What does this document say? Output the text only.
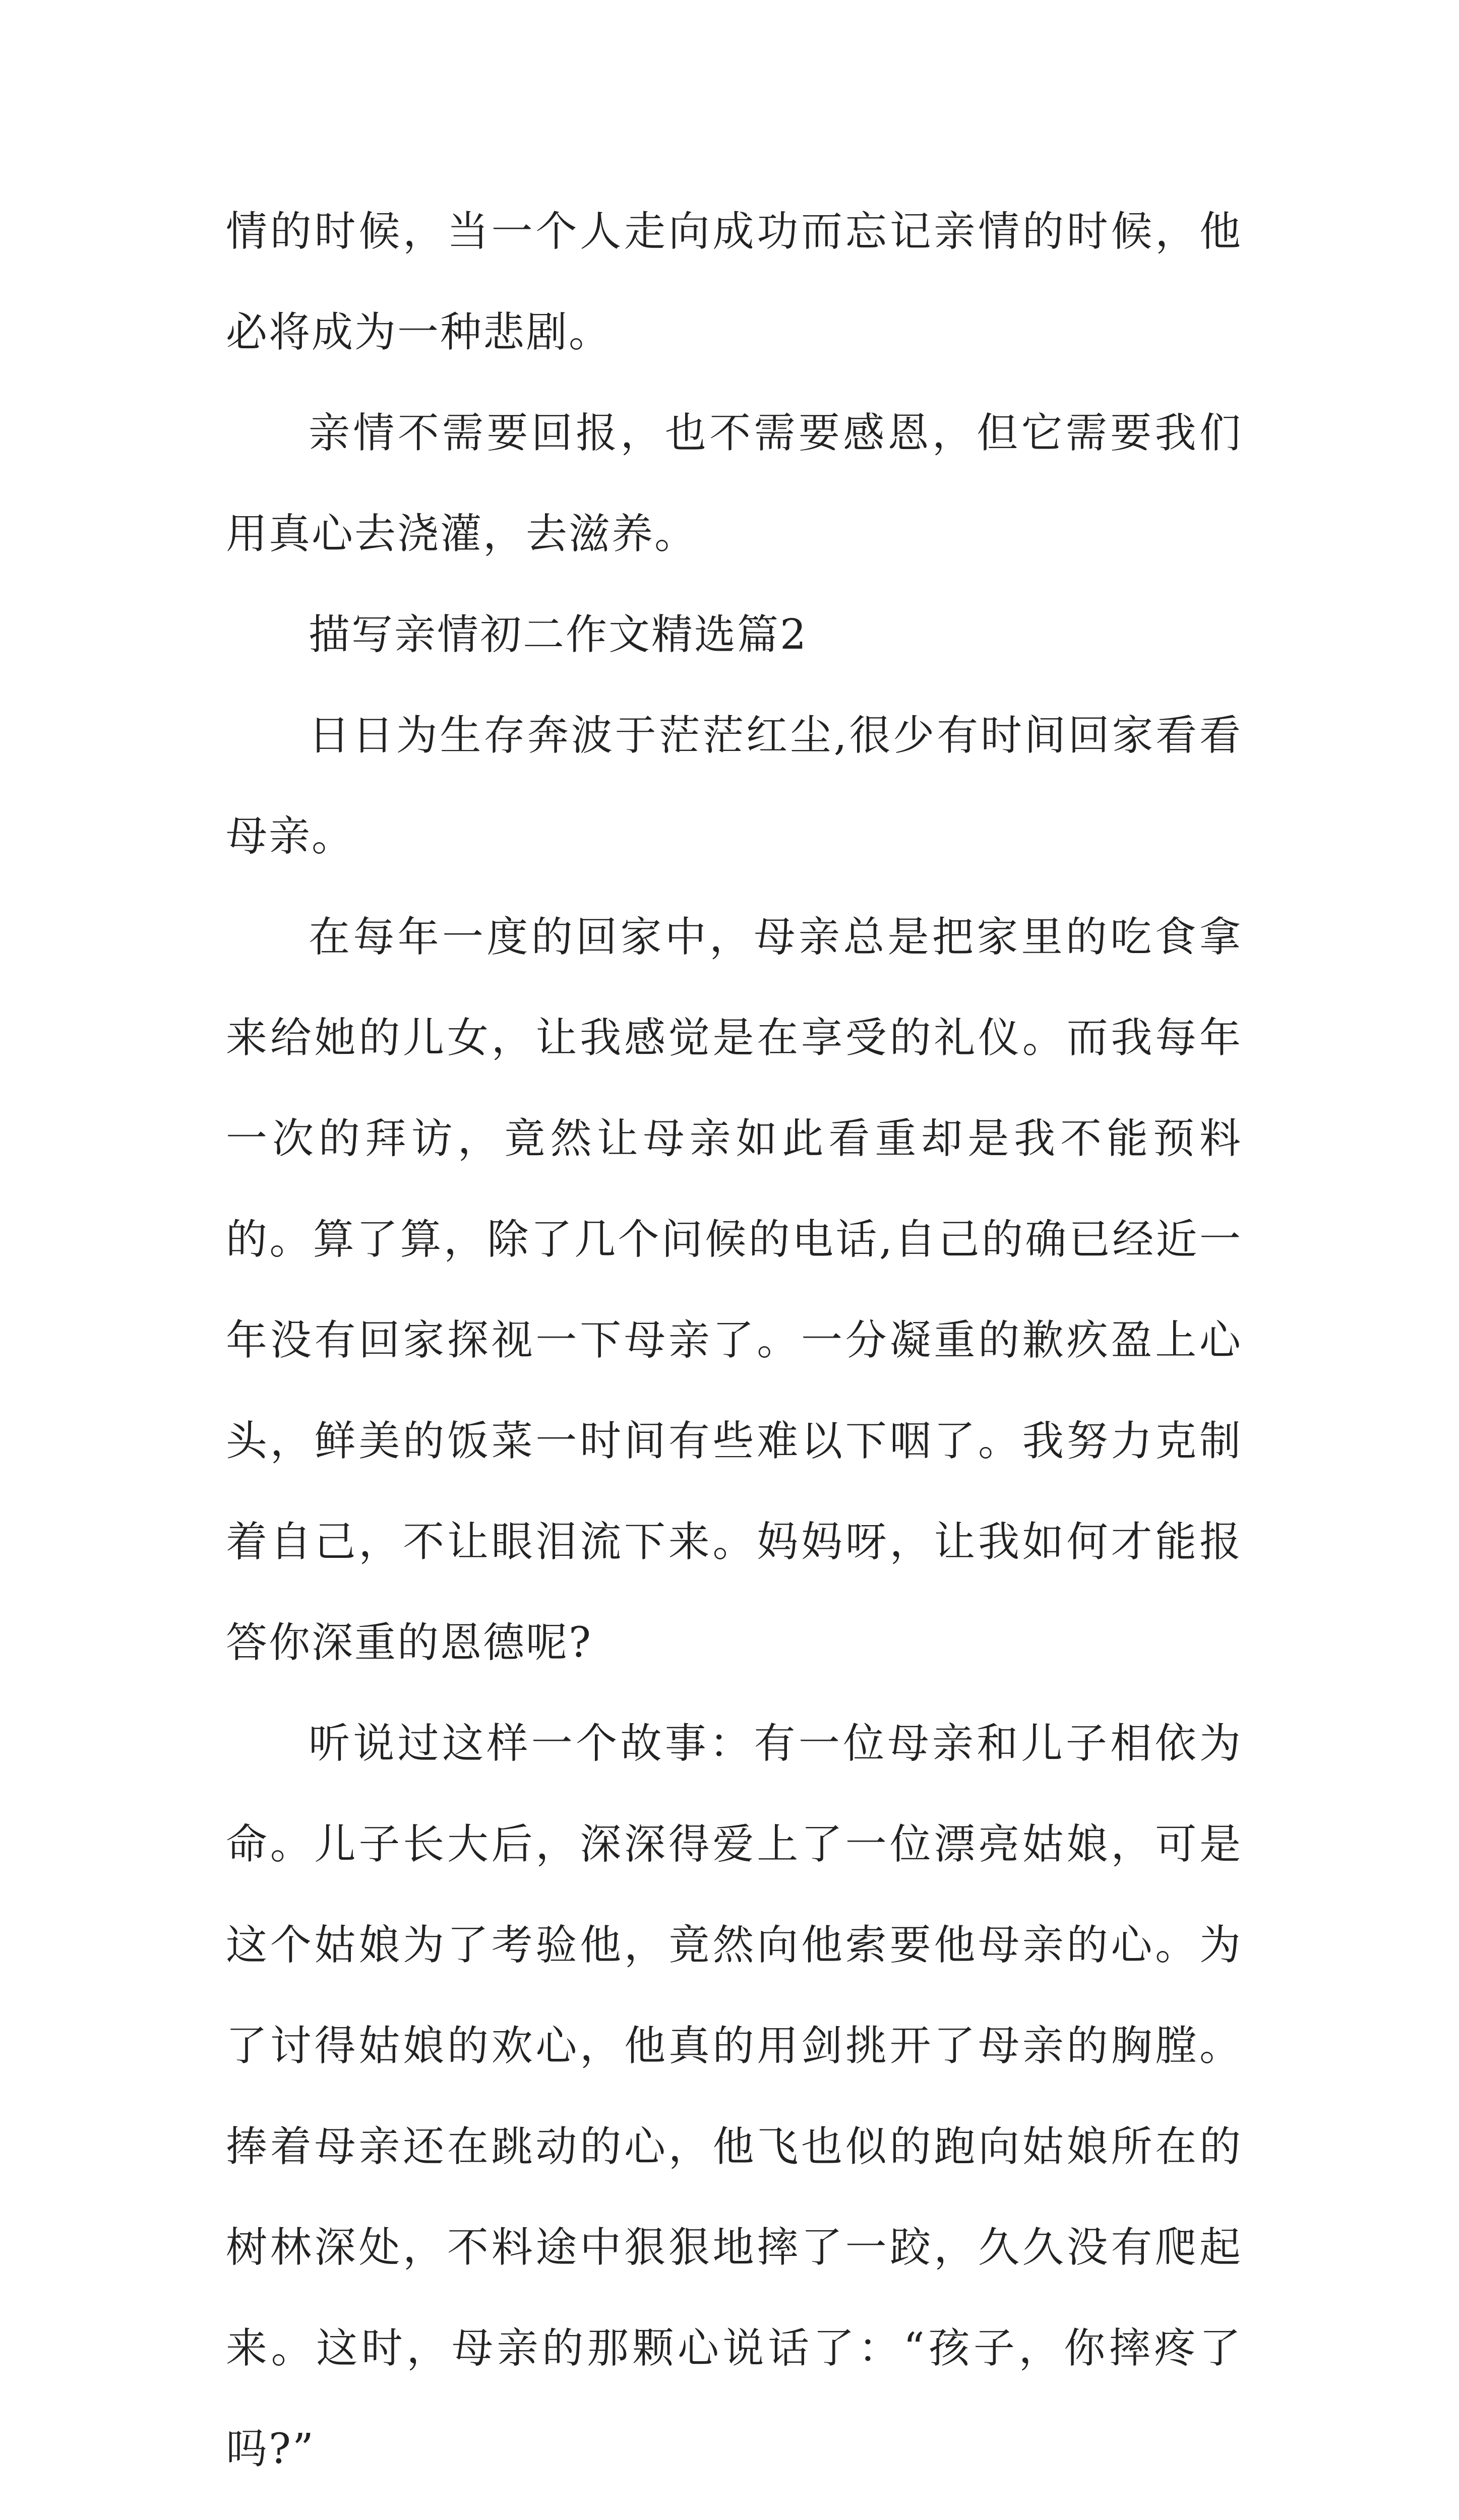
情的时候，当一个人走向成功而忘记亲情的时候，他必将成为一种悲剧。

亲情不需要回报，也不需要感恩，但它需要我们用真心去浇灌，去滋养。

描写亲情初二作文精选篇2

日日为生存奔波于茫茫红尘,很少有时间回家看看母亲。

在每年一度的回家中，母亲总是把家里的吃食拿来给她的儿女，让我感觉是在享受的礼仪。而我每年一次的拜访，竟然让母亲如此看重却是我不能预料的。算了算，除了几个问候的电话,自己的确已经近一年没有回家探视一下母亲了。一分凝重的歉疚盈上心头，鲜美的饭菜一时间有些难以下咽了。我努力克制着自己，不让眼泪流下来。妈妈呀，让我如何才能报答你深重的恩德呢?

听说过这样一个故事：有一位母亲和儿子相依为命。儿子长大后，深深得爱上了一位漂亮姑娘，可是这个姑娘为了考验他，竟然向他索要他母亲的心。为了讨得姑娘的欢心，他真的用剑挑开了母亲的胸膛。捧着母亲还在跳动的心，他飞也似的跑向姑娘所在的树林深处，不料途中狠狠地摔了一跤，久久没有爬起来。这时，母亲的那颗心说话了：“孩子，你摔疼了吗?”
